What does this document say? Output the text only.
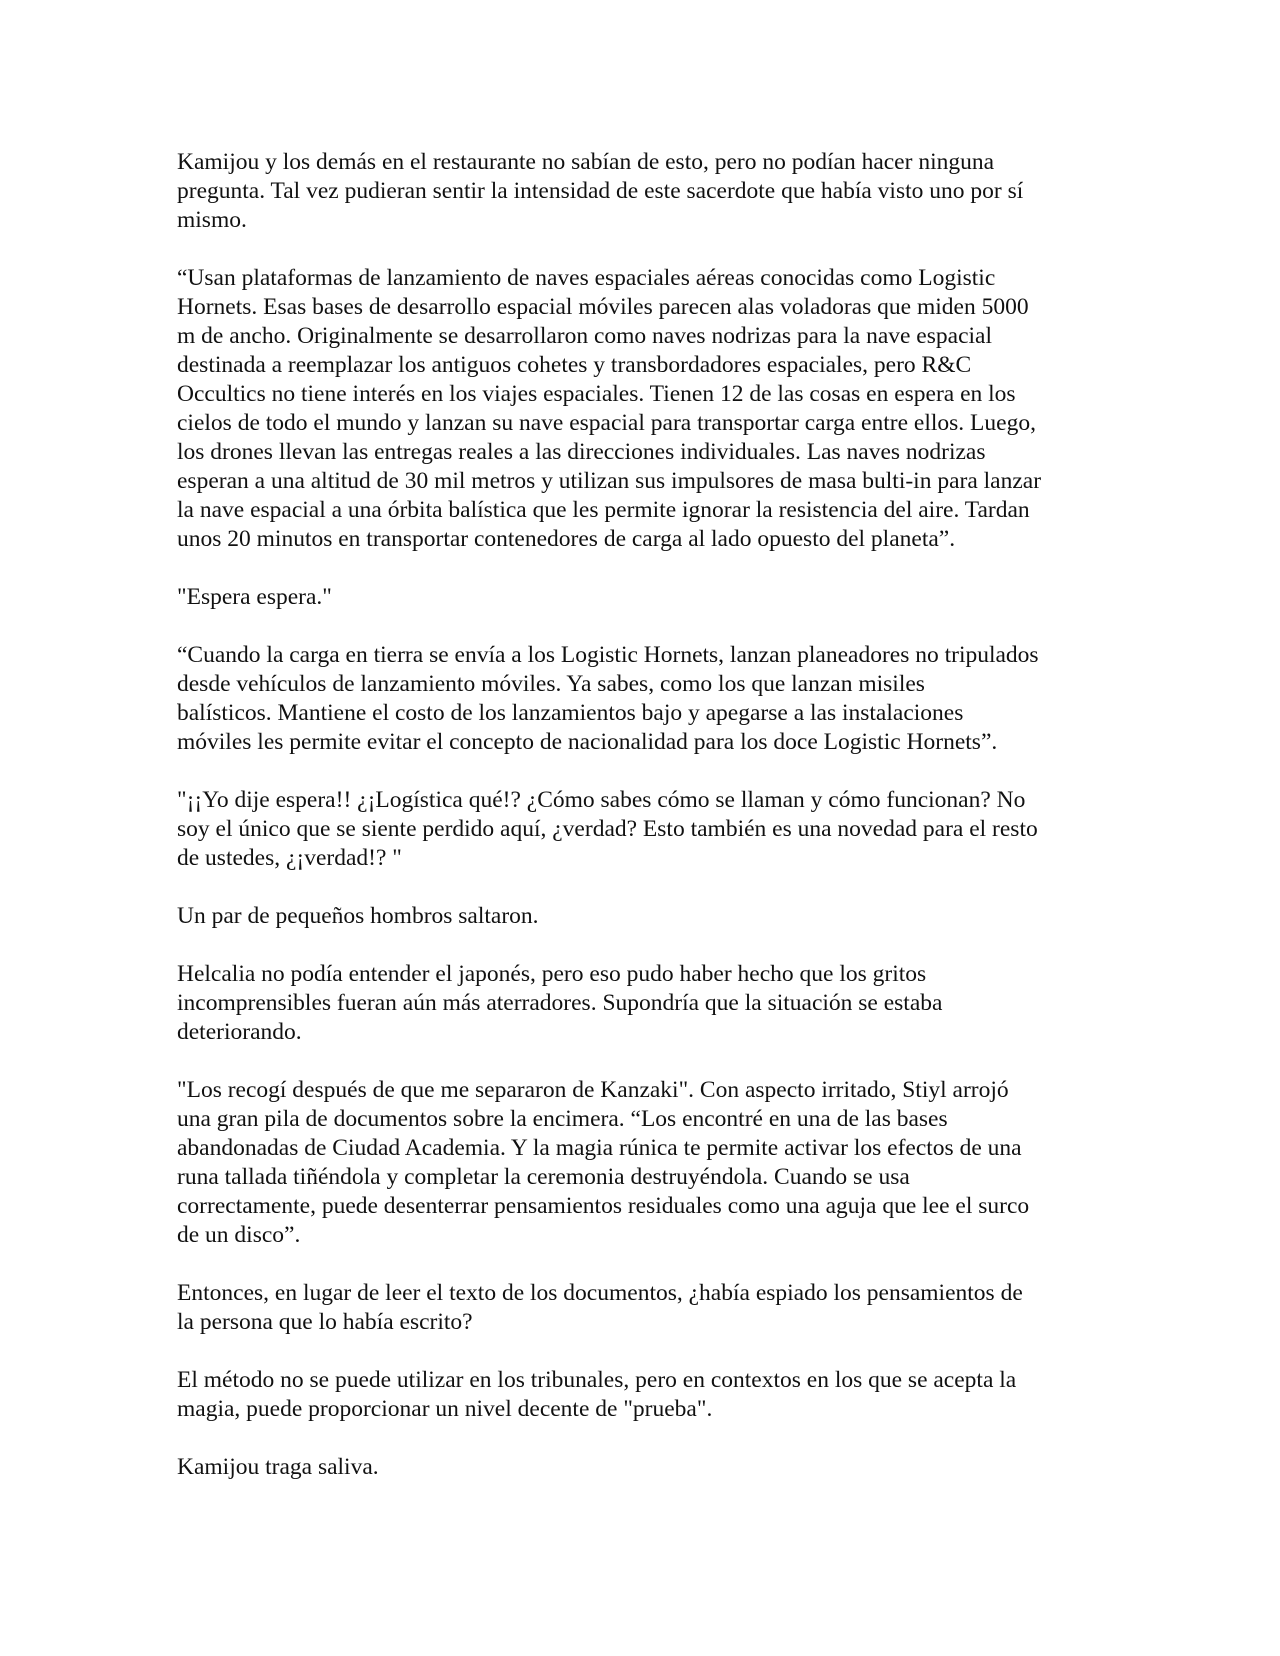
Kamijou y los demás en el restaurante no sabían de esto, pero no podían hacer ninguna
pregunta. Tal vez pudieran sentir la intensidad de este sacerdote que había visto uno por sí
mismo.
“Usan plataformas de lanzamiento de naves espaciales aéreas conocidas como Logistic
Hornets. Esas bases de desarrollo espacial móviles parecen alas voladoras que miden 5000
m de ancho. Originalmente se desarrollaron como naves nodrizas para la nave espacial
destinada a reemplazar los antiguos cohetes y transbordadores espaciales, pero R&C
Occultics no tiene interés en los viajes espaciales. Tienen 12 de las cosas en espera en los
cielos de todo el mundo y lanzan su nave espacial para transportar carga entre ellos. Luego,
los drones llevan las entregas reales a las direcciones individuales. Las naves nodrizas
esperan a una altitud de 30 mil metros y utilizan sus impulsores de masa bulti-in para lanzar
la nave espacial a una órbita balística que les permite ignorar la resistencia del aire. Tardan
unos 20 minutos en transportar contenedores de carga al lado opuesto del planeta”.
"Espera espera."
“Cuando la carga en tierra se envía a los Logistic Hornets, lanzan planeadores no tripulados
desde vehículos de lanzamiento móviles. Ya sabes, como los que lanzan misiles
balísticos. Mantiene el costo de los lanzamientos bajo y apegarse a las instalaciones
móviles les permite evitar el concepto de nacionalidad para los doce Logistic Hornets”.
"¡¡Yo dije espera!! ¿¡Logística qué!? ¿Cómo sabes cómo se llaman y cómo funcionan? No
soy el único que se siente perdido aquí, ¿verdad? Esto también es una novedad para el resto
de ustedes, ¿¡verdad!? "
Un par de pequeños hombros saltaron.
Helcalia no podía entender el japonés, pero eso pudo haber hecho que los gritos
incomprensibles fueran aún más aterradores. Supondría que la situación se estaba
deteriorando.
"Los recogí después de que me separaron de Kanzaki". Con aspecto irritado, Stiyl arrojó
una gran pila de documentos sobre la encimera. “Los encontré en una de las bases
abandonadas de Ciudad Academia. Y la magia rúnica te permite activar los efectos de una
runa tallada tiñéndola y completar la ceremonia destruyéndola. Cuando se usa
correctamente, puede desenterrar pensamientos residuales como una aguja que lee el surco
de un disco”.
Entonces, en lugar de leer el texto de los documentos, ¿había espiado los pensamientos de
la persona que lo había escrito?
El método no se puede utilizar en los tribunales, pero en contextos en los que se acepta la
magia, puede proporcionar un nivel decente de "prueba".
Kamijou traga saliva.
